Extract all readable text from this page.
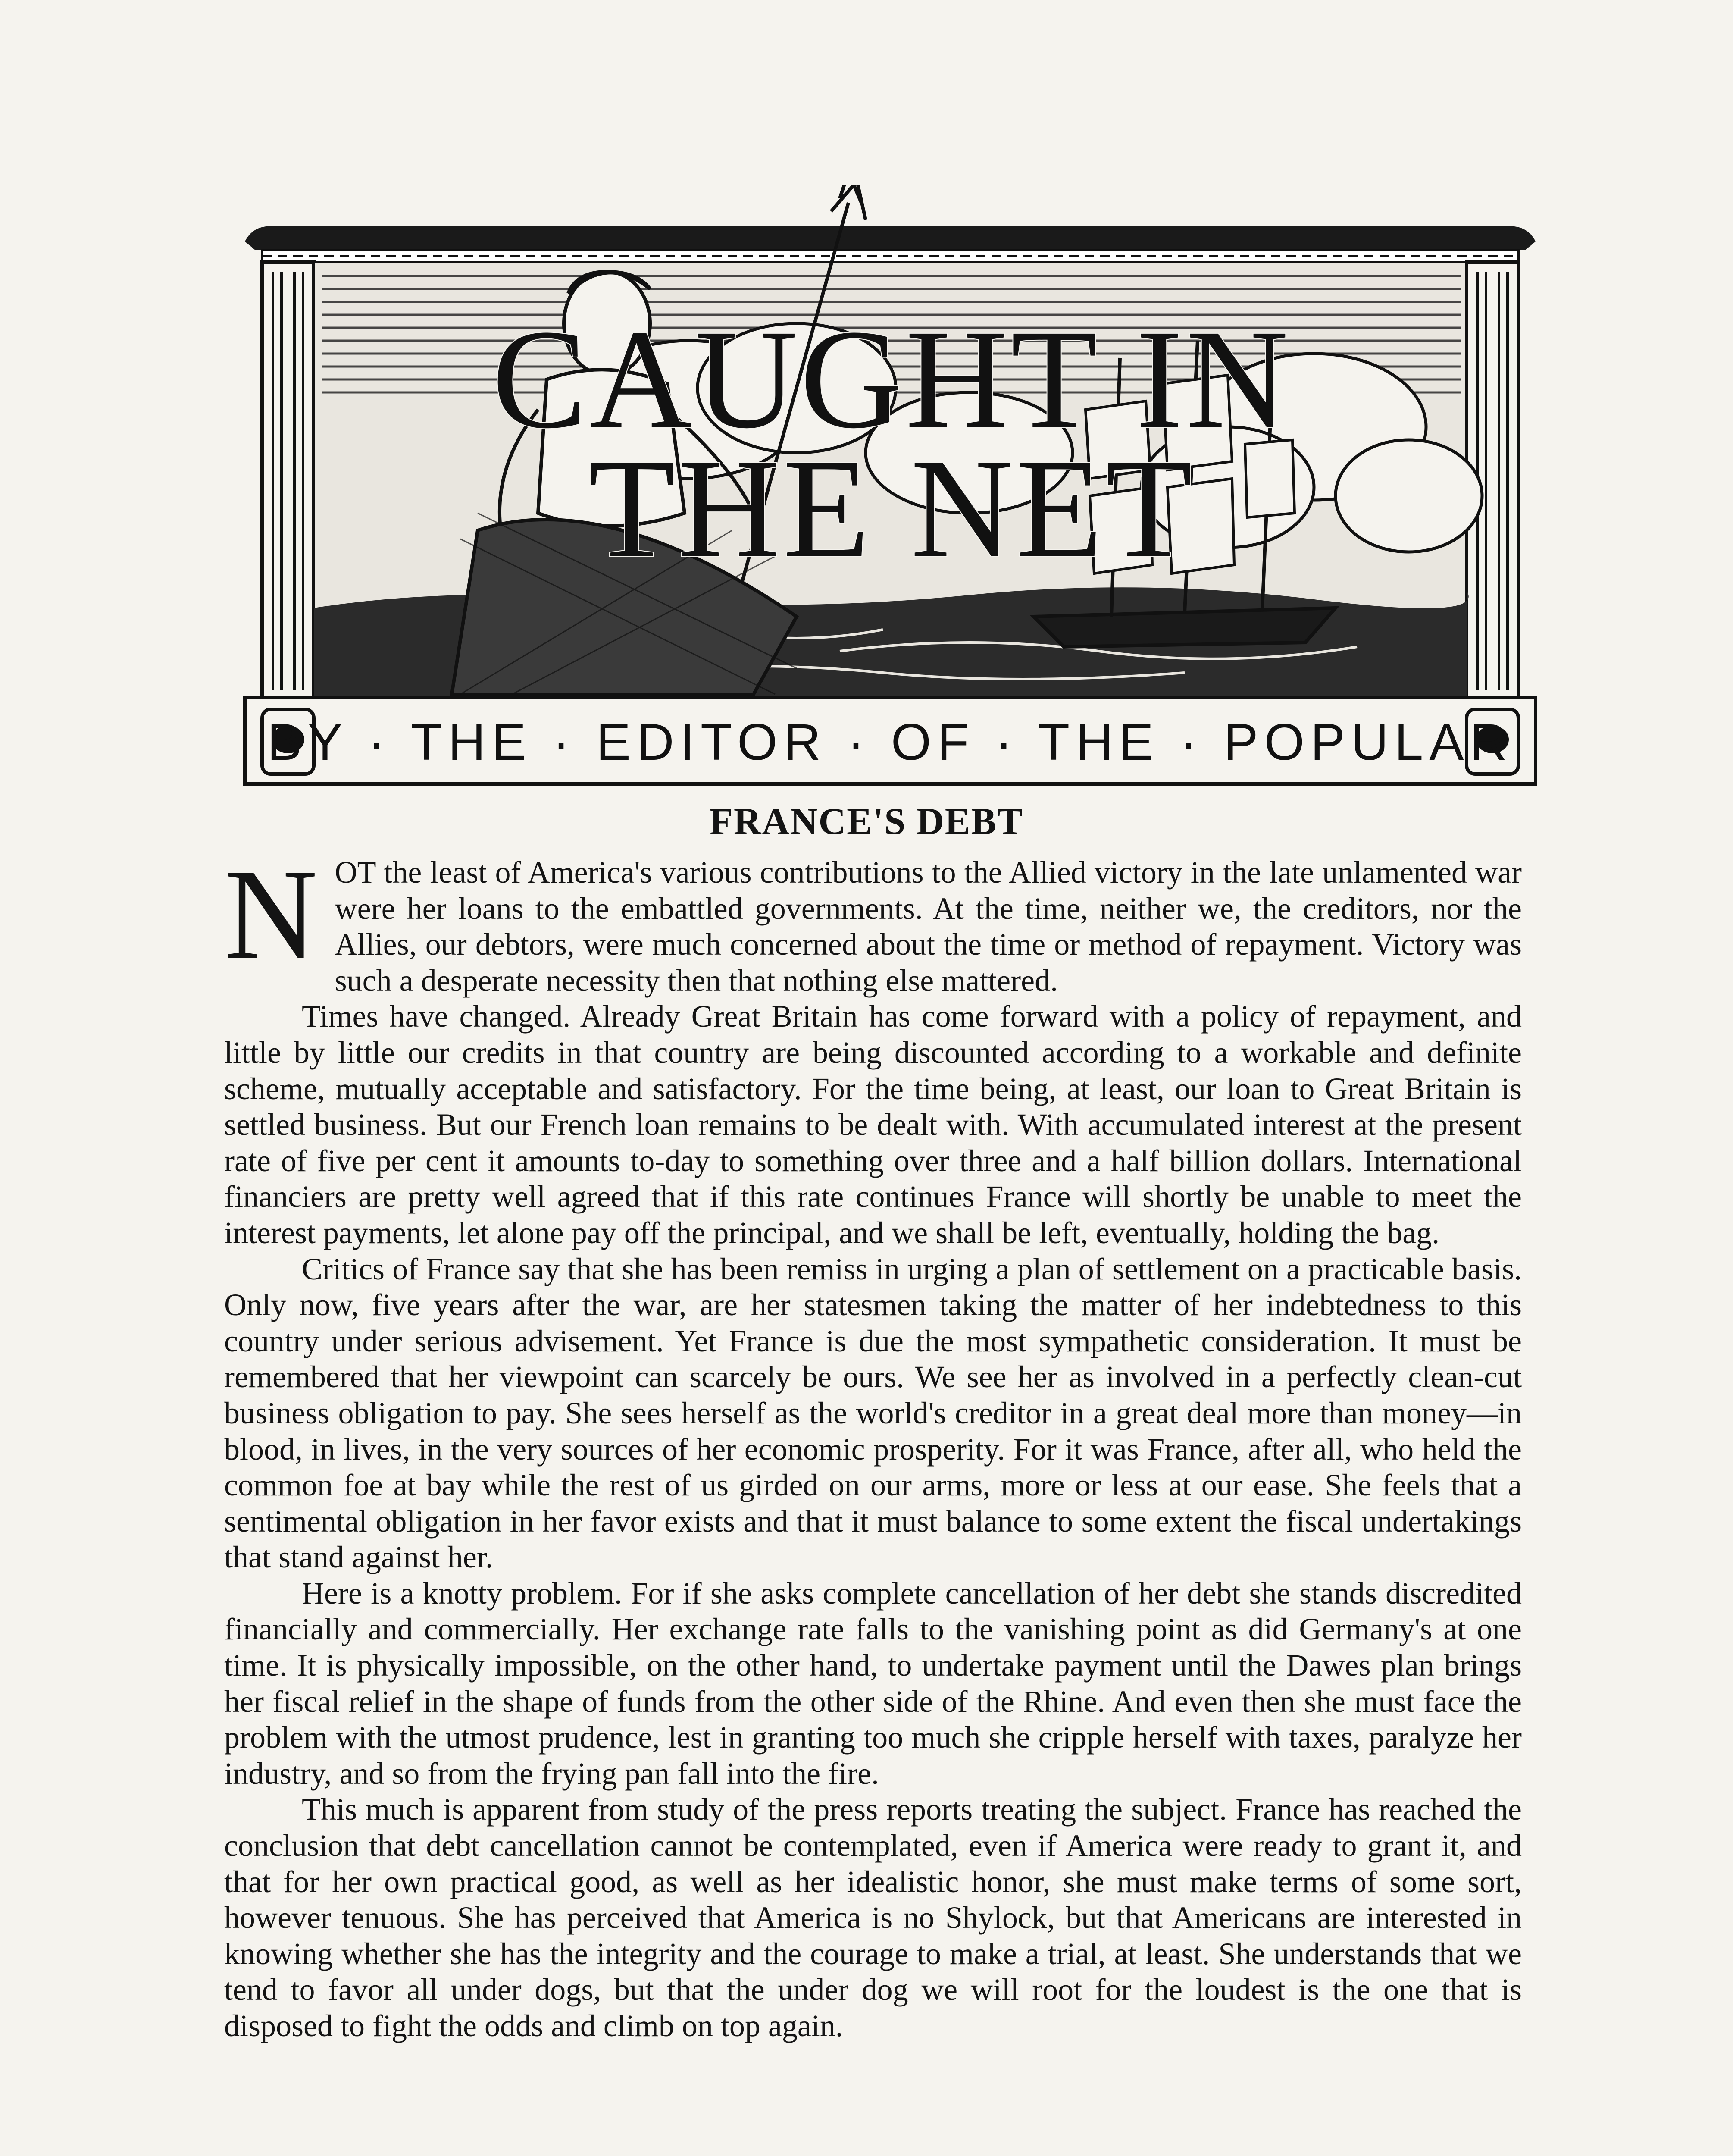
CAUGHT IN
THE NET
BY · THE · EDITOR · OF · THE · POPULAR
FRANCE'S DEBT

NOT the least of America's various contributions to the Allied victory in the late unlamented war were her loans to the embattled governments. At the time, neither we, the creditors, nor the Allies, our debtors, were much concerned about the time or method of repayment. Victory was such a desperate necessity then that nothing else mattered.

Times have changed. Already Great Britain has come forward with a policy of repayment, and little by little our credits in that country are being discounted according to a workable and definite scheme, mutually acceptable and satisfactory. For the time being, at least, our loan to Great Britain is settled business. But our French loan remains to be dealt with. With accumulated interest at the present rate of five per cent it amounts to-day to something over three and a half billion dollars. International financiers are pretty well agreed that if this rate continues France will shortly be unable to meet the interest payments, let alone pay off the principal, and we shall be left, eventually, holding the bag.

Critics of France say that she has been remiss in urging a plan of settlement on a practicable basis. Only now, five years after the war, are her statesmen taking the matter of her indebtedness to this country under serious advisement. Yet France is due the most sympathetic consideration. It must be remembered that her viewpoint can scarcely be ours. We see her as involved in a perfectly clean-cut business obligation to pay. She sees herself as the world's creditor in a great deal more than money—in blood, in lives, in the very sources of her economic prosperity. For it was France, after all, who held the common foe at bay while the rest of us girded on our arms, more or less at our ease. She feels that a sentimental obligation in her favor exists and that it must balance to some extent the fiscal undertakings that stand against her.

Here is a knotty problem. For if she asks complete cancellation of her debt she stands discredited financially and commercially. Her exchange rate falls to the vanishing point as did Germany's at one time. It is physically impossible, on the other hand, to undertake payment until the Dawes plan brings her fiscal relief in the shape of funds from the other side of the Rhine. And even then she must face the problem with the utmost prudence, lest in granting too much she cripple herself with taxes, paralyze her industry, and so from the frying pan fall into the fire.

This much is apparent from study of the press reports treating the subject. France has reached the conclusion that debt cancellation cannot be contemplated, even if America were ready to grant it, and that for her own practical good, as well as her idealistic honor, she must make terms of some sort, however tenuous. She has perceived that America is no Shylock, but that Americans are interested in knowing whether she has the integrity and the courage to make a trial, at least. She understands that we tend to favor all under dogs, but that the under dog we will root for the loudest is the one that is disposed to fight the odds and climb on top again.
